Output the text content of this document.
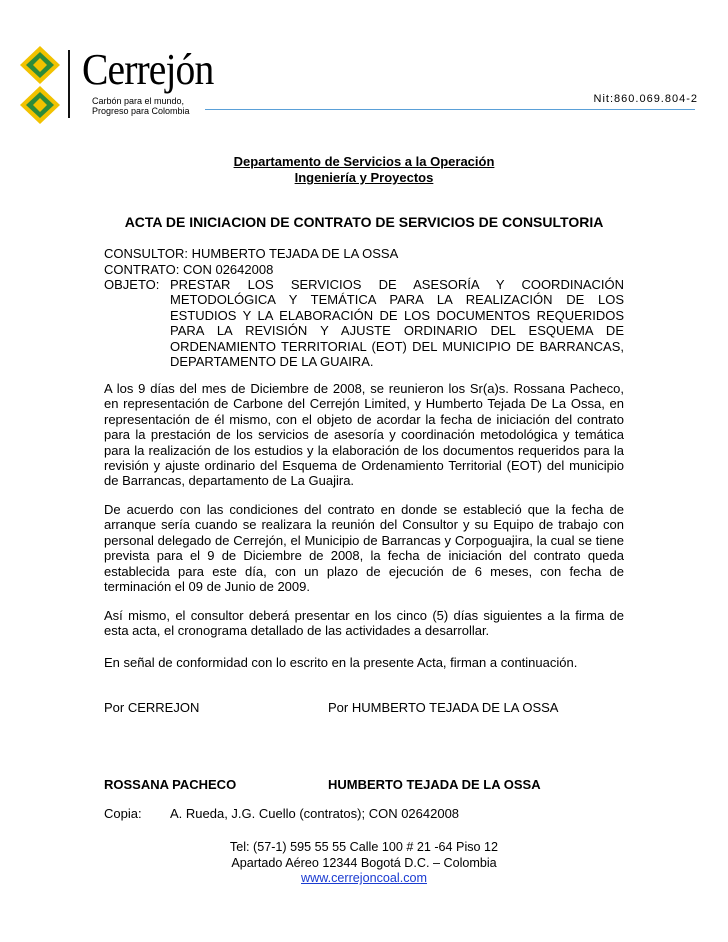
Cerrejón
Carbón para el mundo,
Progreso para Colombia
Nit:860.069.804-2
Departamento de Servicios a la Operación
Ingeniería y Proyectos
ACTA DE INICIACION DE CONTRATO DE SERVICIOS DE CONSULTORIA
CONSULTOR: HUMBERTO TEJADA DE LA OSSA
CONTRATO: CON 02642008
OBJETO: PRESTAR LOS SERVICIOS DE ASESORÍA Y COORDINACIÓN
METODOLÓGICA Y TEMÁTICA PARA LA REALIZACIÓN DE LOS
ESTUDIOS Y LA ELABORACIÓN DE LOS DOCUMENTOS REQUERIDOS
PARA LA REVISIÓN Y AJUSTE ORDINARIO DEL ESQUEMA DE
ORDENAMIENTO TERRITORIAL (EOT) DEL MUNICIPIO DE BARRANCAS,
DEPARTAMENTO DE LA GUAIRA.
A los 9 días del mes de Diciembre de 2008, se reunieron los Sr(a)s. Rossana Pacheco, en representación de Carbone del Cerrejón Limited, y Humberto Tejada De La Ossa, en representación de él mismo, con el objeto de acordar la fecha de iniciación del contrato para la prestación de los servicios de asesoría y coordinación metodológica y temática para la realización de los estudios y la elaboración de los documentos requeridos para la revisión y ajuste ordinario del Esquema de Ordenamiento Territorial (EOT) del municipio de Barrancas, departamento de La Guajira.
De acuerdo con las condiciones del contrato en donde se estableció que la fecha de arranque sería cuando se realizara la reunión del Consultor y su Equipo de trabajo con personal delegado de Cerrejón, el Municipio de Barrancas y Corpoguajira, la cual se tiene prevista para el 9 de Diciembre de 2008, la fecha de iniciación del contrato queda establecida para este día, con un plazo de ejecución de 6 meses, con fecha de terminación el 09 de Junio de 2009.
Así mismo, el consultor deberá presentar en los cinco (5) días siguientes a la firma de esta acta, el cronograma detallado de las actividades a desarrollar.
En señal de conformidad con lo escrito en la presente Acta, firman a continuación.
Por CERREJON	Por HUMBERTO TEJADA DE LA OSSA
ROSSANA PACHECO	HUMBERTO TEJADA DE LA OSSA
Copia: A. Rueda, J.G. Cuello (contratos); CON 02642008
Tel: (57-1) 595 55 55 Calle 100 # 21 -64 Piso 12
Apartado Aéreo 12344 Bogotá D.C. – Colombia
www.cerrejoncoal.com
